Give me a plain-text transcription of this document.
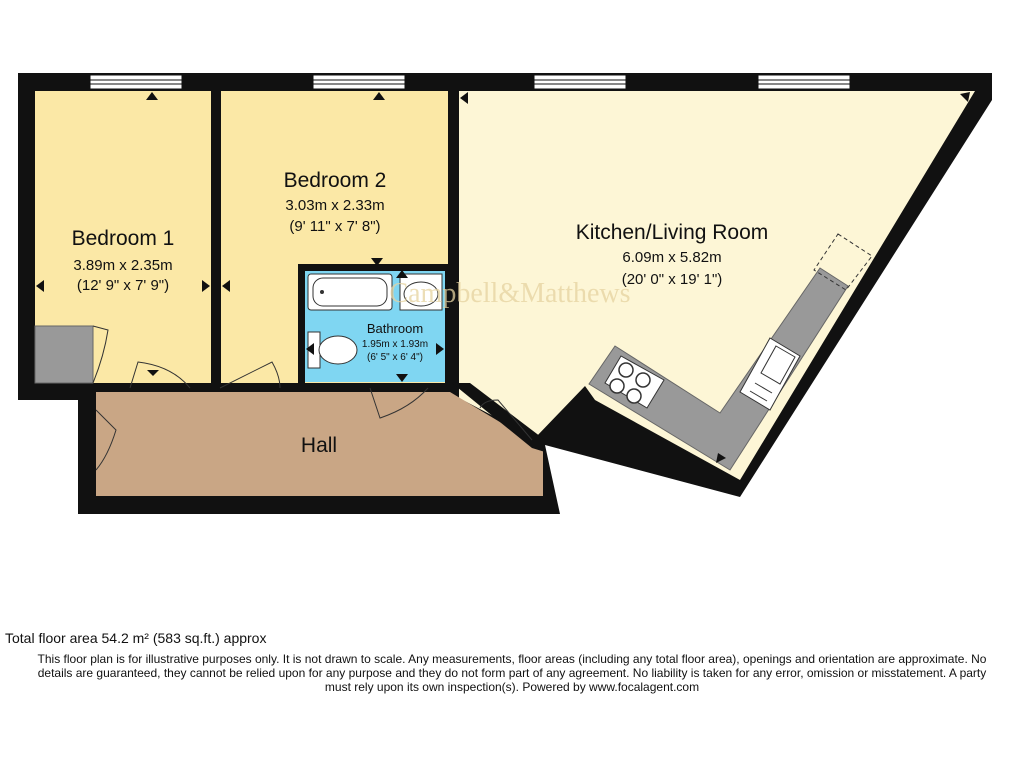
Campbell&Matthews
Bedroom 1
3.89m x 2.35m
(12' 9" x 7' 9")
Bedroom 2
3.03m x 2.33m
(9' 11" x 7' 8")	Kitchen/Living Room
6.09m x 5.82m
(20' 0" x 19' 1")
Bathroom
1.95m x 1.93m
(6' 5" x 6' 4")
Hall
Total floor area 54.2 m² (583 sq.ft.) approx
This floor plan is for illustrative purposes only. It is not drawn to scale. Any measurements, floor areas (including any total floor area), openings and orientation are approximate. No
details are guaranteed, they cannot be relied upon for any purpose and they do not form part of any agreement. No liability is taken for any error, omission or misstatement. A party
must rely upon its own inspection(s). Powered by www.focalagent.com
